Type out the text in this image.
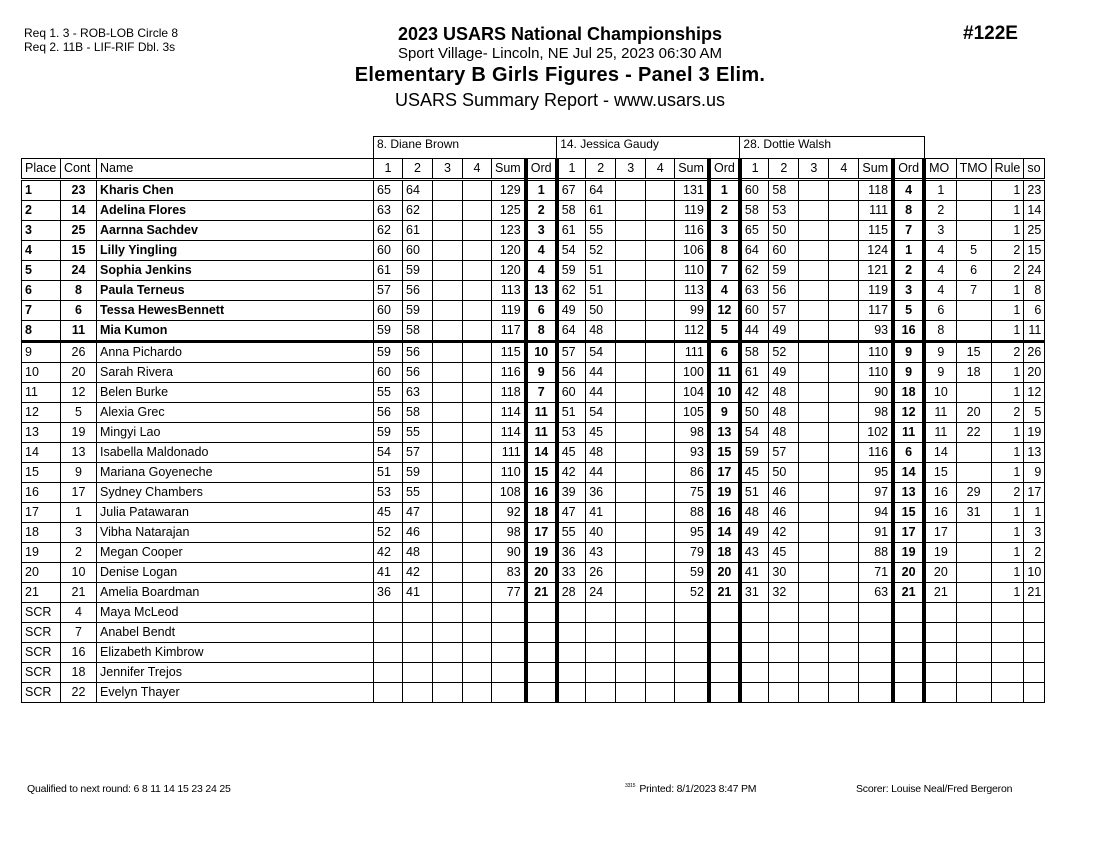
Req 1. 3 - ROB-LOB Circle 8
Req 2. 11B - LIF-RIF Dbl. 3s
#122E
2023 USARS National Championships
Sport Village- Lincoln, NE Jul 25, 2023 06:30 AM
Elementary B Girls Figures - Panel 3 Elim.
USARS Summary Report - www.usars.us
			8. Diane Brown						14. Jessica Gaudy						28. Dottie Walsh									
Place	Cont	Name	1	2	3	4	Sum	Ord	1	2	3	4	Sum	Ord	1	2	3	4	Sum	Ord	MO	TMO	Rule	so
1	23	Kharis Chen	65	64			129	1	67	64			131	1	60	58			118	4	1		1	23
2	14	Adelina Flores	63	62			125	2	58	61			119	2	58	53			111	8	2		1	14
3	25	Aarnna Sachdev	62	61			123	3	61	55			116	3	65	50			115	7	3		1	25
4	15	Lilly Yingling	60	60			120	4	54	52			106	8	64	60			124	1	4	5	2	15
5	24	Sophia Jenkins	61	59			120	4	59	51			110	7	62	59			121	2	4	6	2	24
6	8	Paula Terneus	57	56			113	13	62	51			113	4	63	56			119	3	4	7	1	8
7	6	Tessa HewesBennett	60	59			119	6	49	50			99	12	60	57			117	5	6		1	6
8	11	Mia Kumon	59	58			117	8	64	48			112	5	44	49			93	16	8		1	11
9	26	Anna Pichardo	59	56			115	10	57	54			111	6	58	52			110	9	9	15	2	26
10	20	Sarah Rivera	60	56			116	9	56	44			100	11	61	49			110	9	9	18	1	20
11	12	Belen Burke	55	63			118	7	60	44			104	10	42	48			90	18	10		1	12
12	5	Alexia Grec	56	58			114	11	51	54			105	9	50	48			98	12	11	20	2	5
13	19	Mingyi Lao	59	55			114	11	53	45			98	13	54	48			102	11	11	22	1	19
14	13	Isabella Maldonado	54	57			111	14	45	48			93	15	59	57			116	6	14		1	13
15	9	Mariana Goyeneche	51	59			110	15	42	44			86	17	45	50			95	14	15		1	9
16	17	Sydney Chambers	53	55			108	16	39	36			75	19	51	46			97	13	16	29	2	17
17	1	Julia Patawaran	45	47			92	18	47	41			88	16	48	46			94	15	16	31	1	1
18	3	Vibha Natarajan	52	46			98	17	55	40			95	14	49	42			91	17	17		1	3
19	2	Megan Cooper	42	48			90	19	36	43			79	18	43	45			88	19	19		1	2
20	10	Denise Logan	41	42			83	20	33	26			59	20	41	30			71	20	20		1	10
21	21	Amelia Boardman	36	41			77	21	28	24			52	21	31	32			63	21	21		1	21
SCR	4	Maya McLeod																						
SCR	7	Anabel Bendt																						
SCR	16	Elizabeth Kimbrow																						
SCR	18	Jennifer Trejos																						
SCR	22	Evelyn Thayer																						
Qualified to next round: 6 8 11 14 15 23 24 25	$^{3315}$ Printed: 8/1/2023 8:47 PM	Scorer: Louise Neal/Fred Bergeron
